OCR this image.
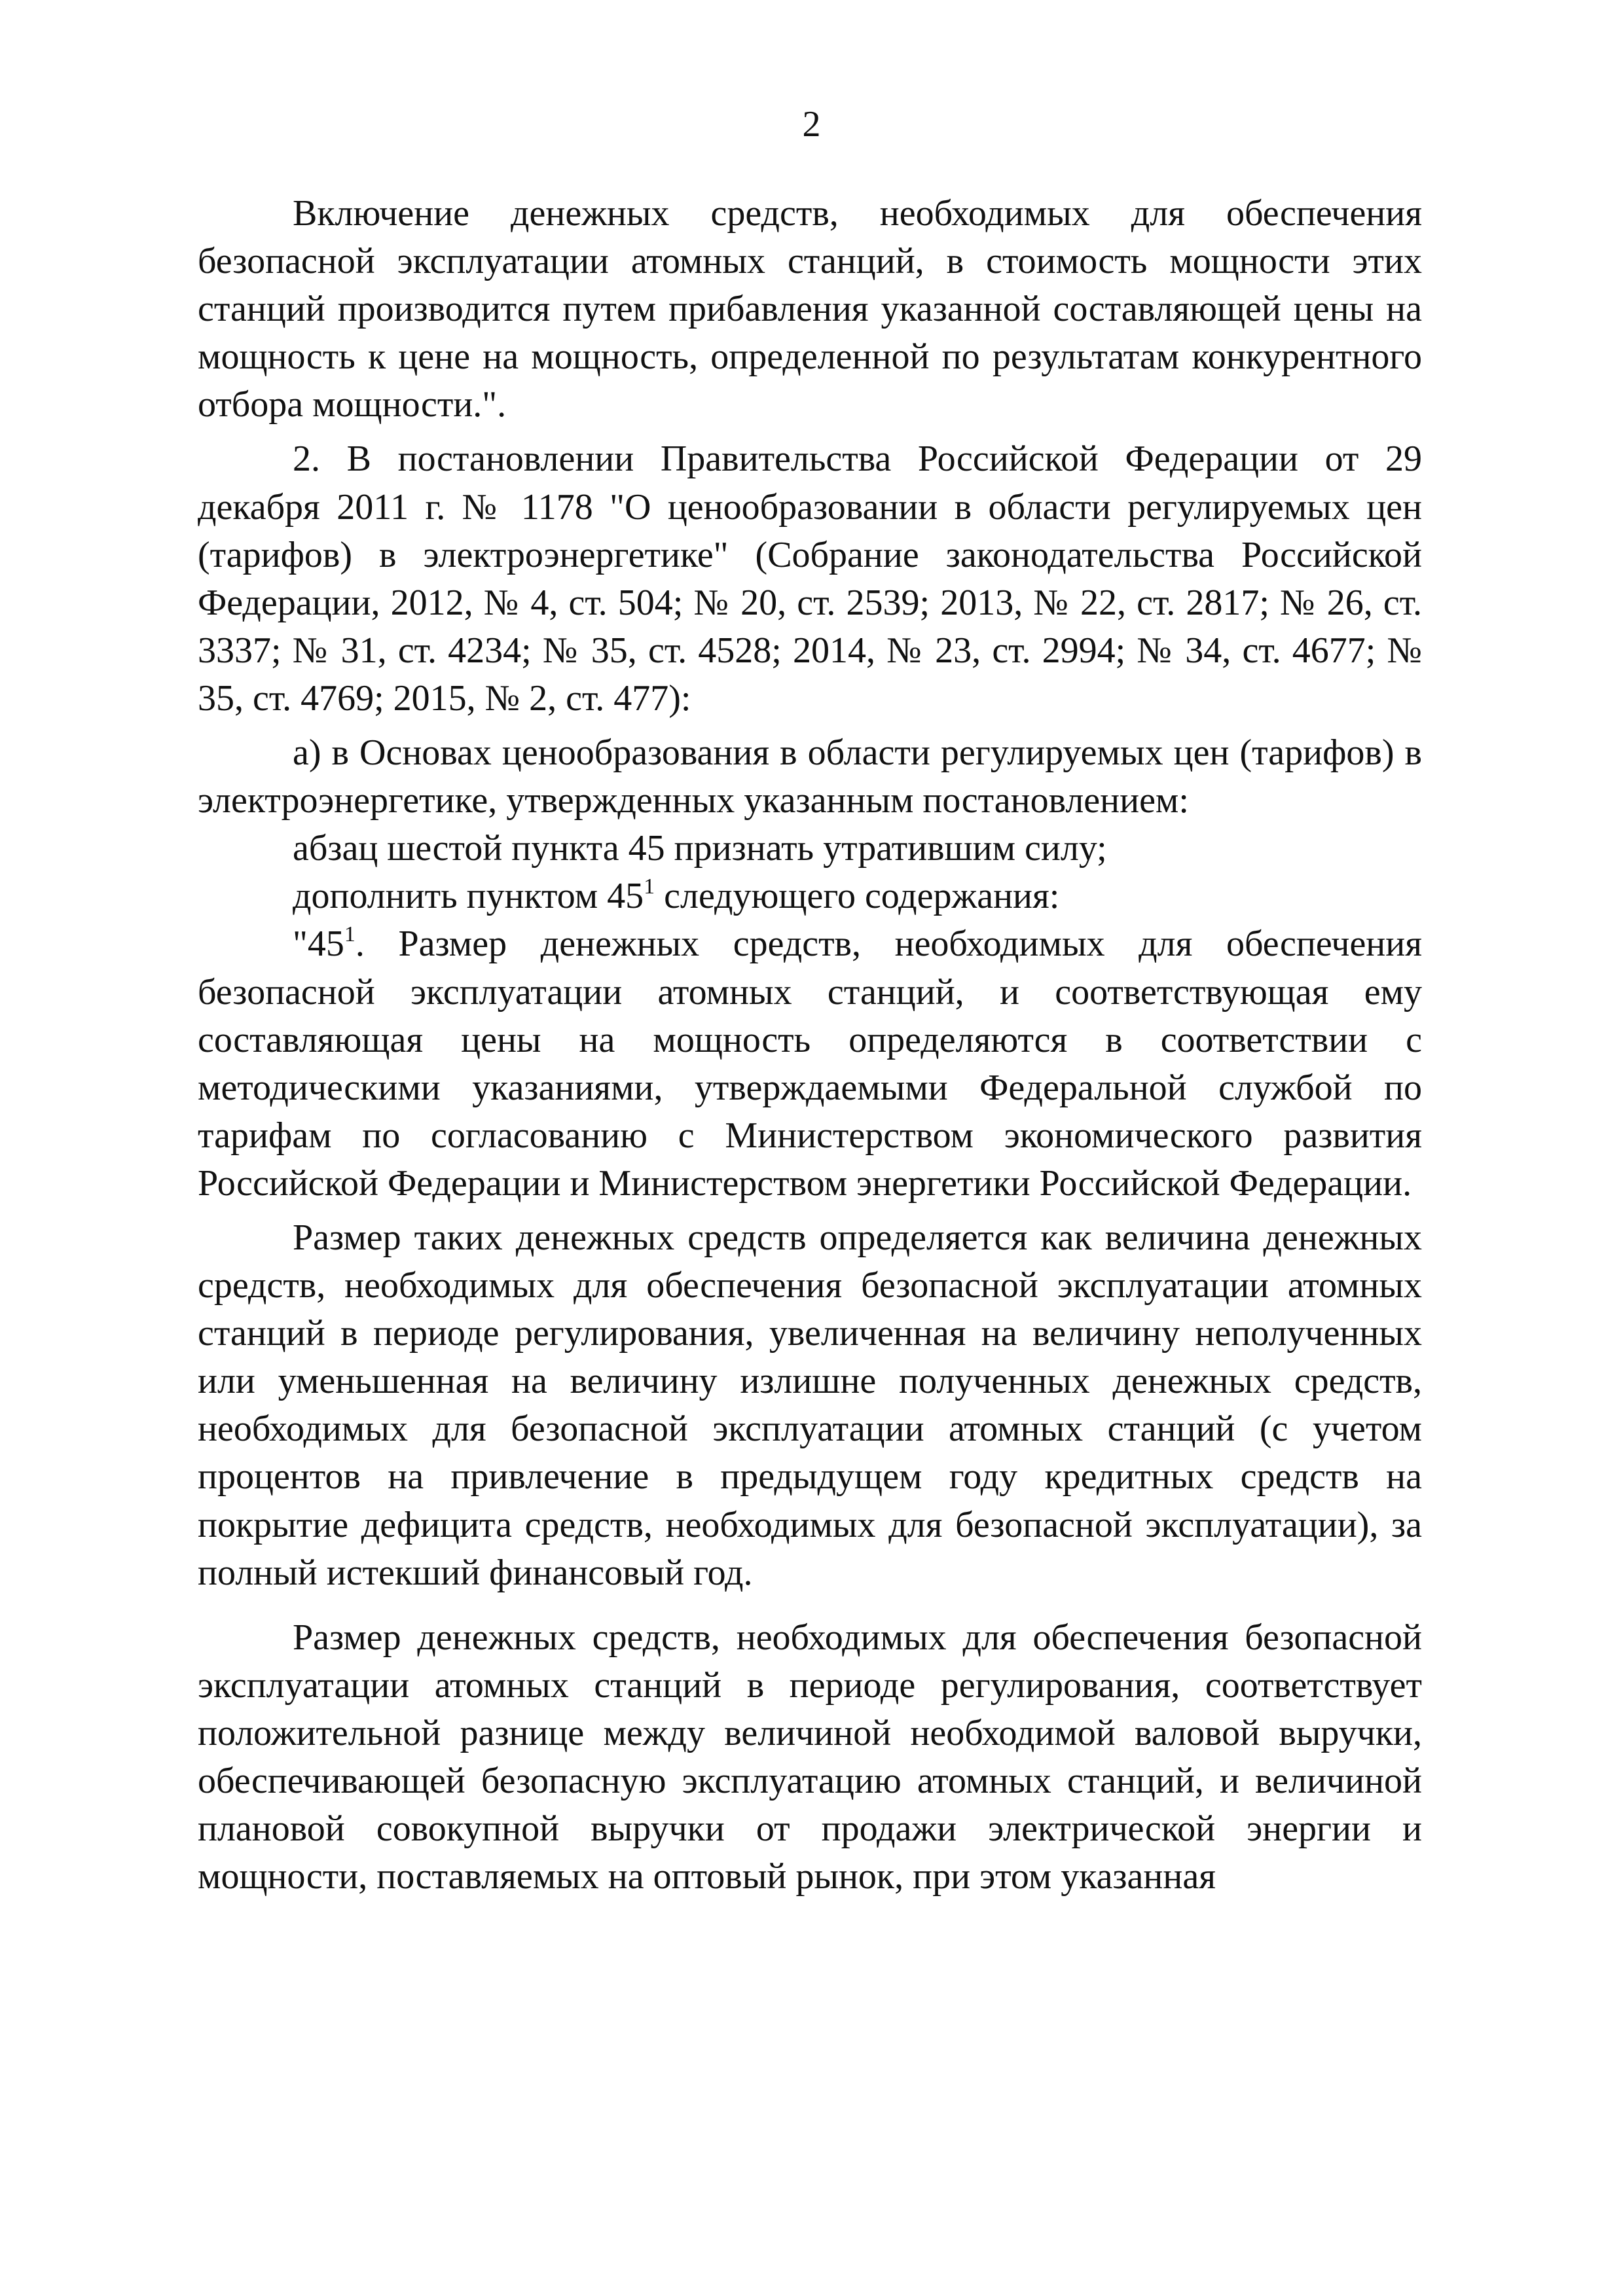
2

Включение денежных средств, необходимых для обеспечения безопасной эксплуатации атомных станций, в стоимость мощности этих станций производится путем прибавления указанной составляющей цены на мощность к цене на мощность, определенной по результатам конкурентного отбора мощности.".

2. В постановлении Правительства Российской Федерации от 29 декабря 2011 г. № 1178 "О ценообразовании в области регулируемых цен (тарифов) в электроэнергетике" (Собрание законодательства Российской Федерации, 2012, № 4, ст. 504; № 20, ст. 2539; 2013, № 22, ст. 2817; № 26, ст. 3337; № 31, ст. 4234; № 35, ст. 4528; 2014, № 23, ст. 2994; № 34, ст. 4677; № 35, ст. 4769; 2015, № 2, ст. 477):

а) в Основах ценообразования в области регулируемых цен (тарифов) в электроэнергетике, утвержденных указанным постановлением:

абзац шестой пункта 45 признать утратившим силу;

дополнить пунктом $45^1$ следующего содержания:

"$45^1$. Размер денежных средств, необходимых для обеспечения безопасной эксплуатации атомных станций, и соответствующая ему составляющая цены на мощность определяются в соответствии с методическими указаниями, утверждаемыми Федеральной службой по тарифам по согласованию с Министерством экономического развития Российской Федерации и Министерством энергетики Российской Федерации.

Размер таких денежных средств определяется как величина денежных средств, необходимых для обеспечения безопасной эксплуатации атомных станций в периоде регулирования, увеличенная на величину неполученных или уменьшенная на величину излишне полученных денежных средств, необходимых для безопасной эксплуатации атомных станций (с учетом процентов на привлечение в предыдущем году кредитных средств на покрытие дефицита средств, необходимых для безопасной эксплуатации), за полный истекший финансовый год.

Размер денежных средств, необходимых для обеспечения безопасной эксплуатации атомных станций в периоде регулирования, соответствует положительной разнице между величиной необходимой валовой выручки, обеспечивающей безопасную эксплуатацию атомных станций, и величиной плановой совокупной выручки от продажи электрической энергии и мощности, поставляемых на оптовый рынок, при этом указанная
